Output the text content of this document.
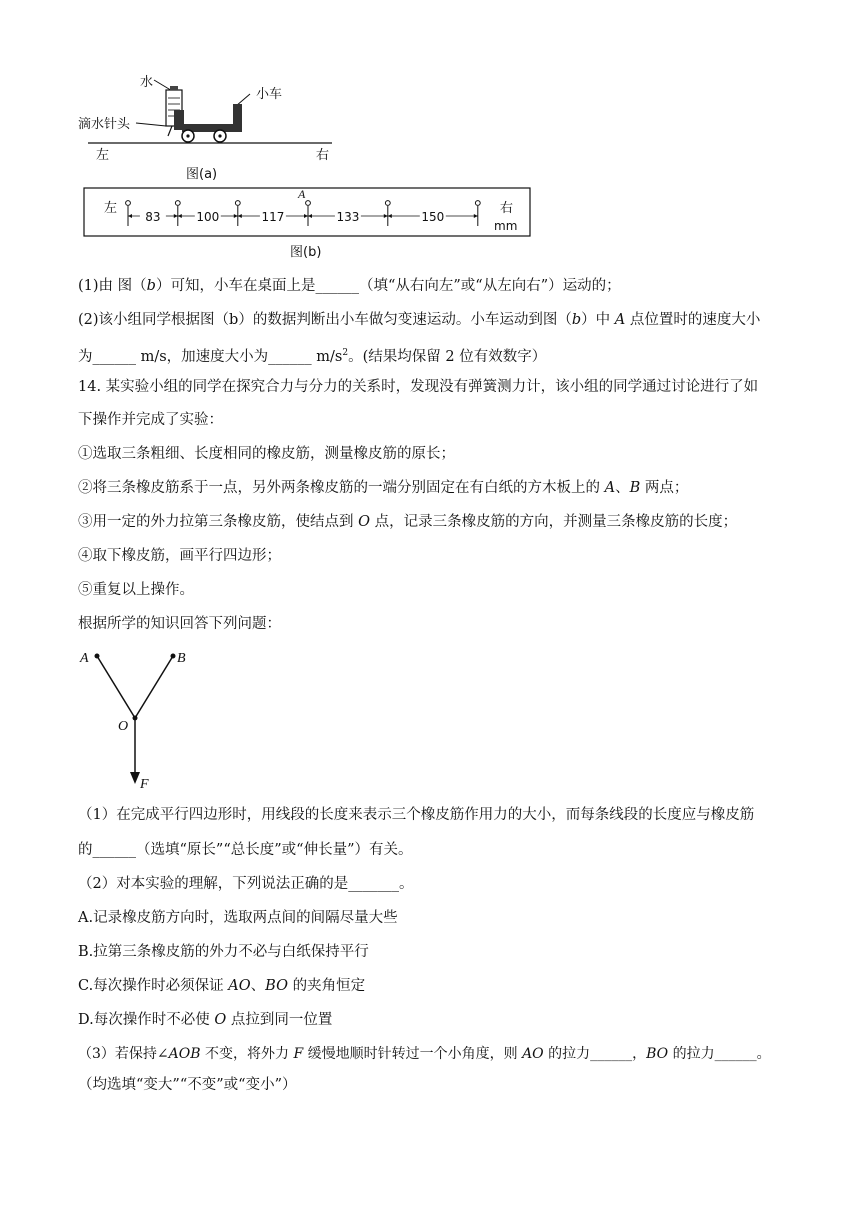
水
小车
滴水针头
左	右
图(a)
左	右
mm
A
83	100	117	133	150
图(b)
(1)由 图（b）可知，小车在桌面上是______（填“从右向左”或“从左向右”）运动的；
(2)该小组同学根据图（b）的数据判断出小车做匀变速运动。小车运动到图（b）中 A 点位置时的速度大小
为______ m/s，加速度大小为______ $m/s^2$。(结果均保留 2 位有效数字）
14. 某实验小组的同学在探究合力与分力的关系时，发现没有弹簧测力计，该小组的同学通过讨论进行了如
下操作并完成了实验：
①选取三条粗细、长度相同的橡皮筋，测量橡皮筋的原长；
②将三条橡皮筋系于一点，另外两条橡皮筋的一端分别固定在有白纸的方木板上的 A、B 两点；
③用一定的外力拉第三条橡皮筋，使结点到 O 点，记录三条橡皮筋的方向，并测量三条橡皮筋的长度；
④取下橡皮筋，画平行四边形；
⑤重复以上操作。
根据所学的知识回答下列问题：
A	B
O
F
（1）在完成平行四边形时，用线段的长度来表示三个橡皮筋作用力的大小，而每条线段的长度应与橡皮筋
的______（选填“原长”“总长度”或“伸长量”）有关。
（2）对本实验的理解，下列说法正确的是_______。
A.记录橡皮筋方向时，选取两点间的间隔尽量大些
B.拉第三条橡皮筋的外力不必与白纸保持平行
C.每次操作时必须保证 AO、BO 的夹角恒定
D.每次操作时不必使 O 点拉到同一位置
（3）若保持∠AOB 不变，将外力 F 缓慢地顺时针转过一个小角度，则 AO 的拉力______，BO 的拉力______。
（均选填“变大”“不变”或“变小”）
